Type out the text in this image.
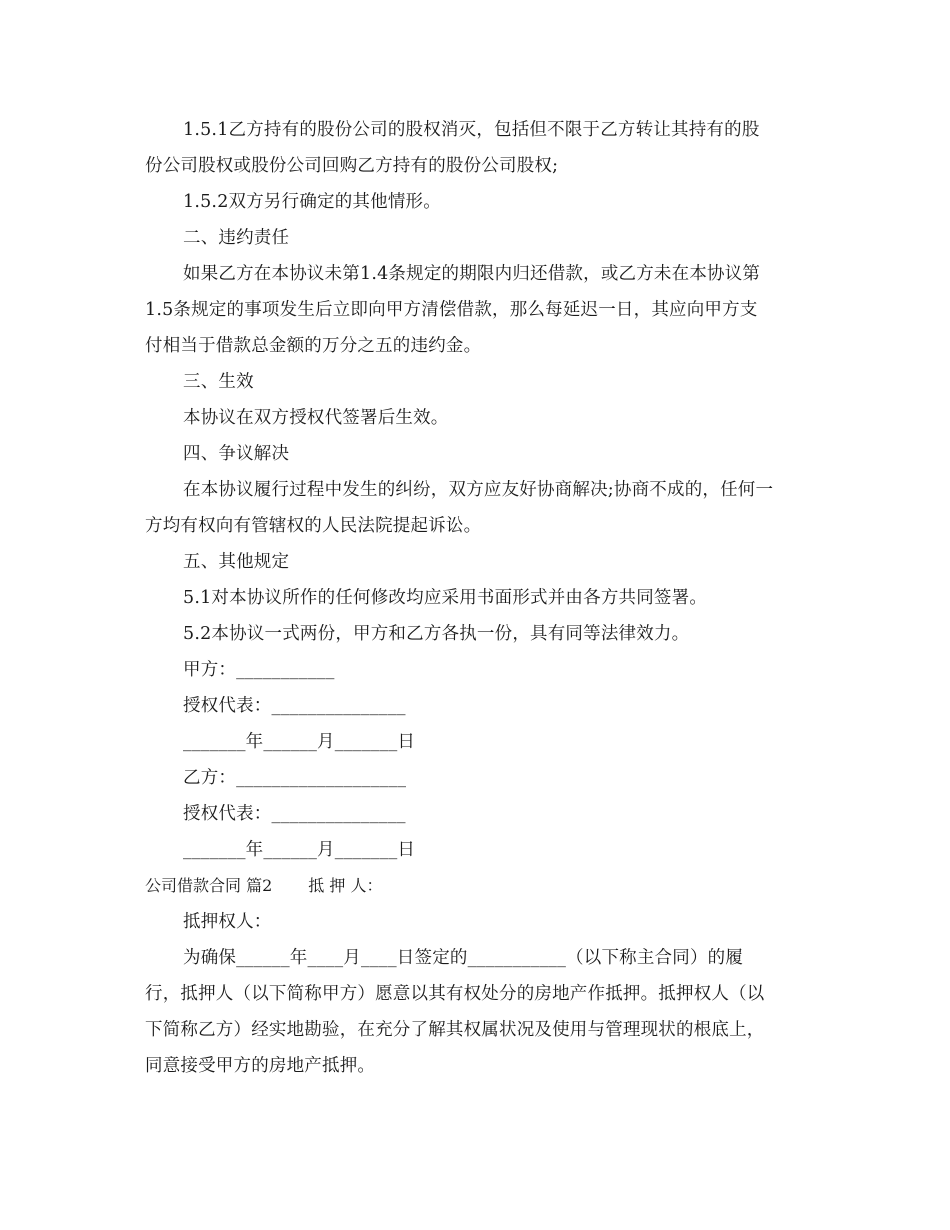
1.5.1乙方持有的股份公司的股权消灭，包括但不限于乙方转让其持有的股
份公司股权或股份公司回购乙方持有的股份公司股权;
1.5.2双方另行确定的其他情形。
二、违约责任
如果乙方在本协议未第1.4条规定的期限内归还借款，或乙方未在本协议第
1.5条规定的事项发生后立即向甲方清偿借款，那么每延迟一日，其应向甲方支
付相当于借款总金额的万分之五的违约金。
三、生效
本协议在双方授权代签署后生效。
四、争议解决
在本协议履行过程中发生的纠纷，双方应友好协商解决;协商不成的，任何一
方均有权向有管辖权的人民法院提起诉讼。
五、其他规定
5.1对本协议所作的任何修改均应采用书面形式并由各方共同签署。
5.2本协议一式两份，甲方和乙方各执一份，具有同等法律效力。
甲方：___________
授权代表：_______________
_______年______月_______日
乙方：___________________
授权代表：_______________
_______年______月_______日
公司借款合同 篇2 抵 押 人：
抵押权人：
为确保______年____月____日签定的___________（以下称主合同）的履
行，抵押人（以下简称甲方）愿意以其有权处分的房地产作抵押。抵押权人（以
下简称乙方）经实地勘验，在充分了解其权属状况及使用与管理现状的根底上，
同意接受甲方的房地产抵押。
